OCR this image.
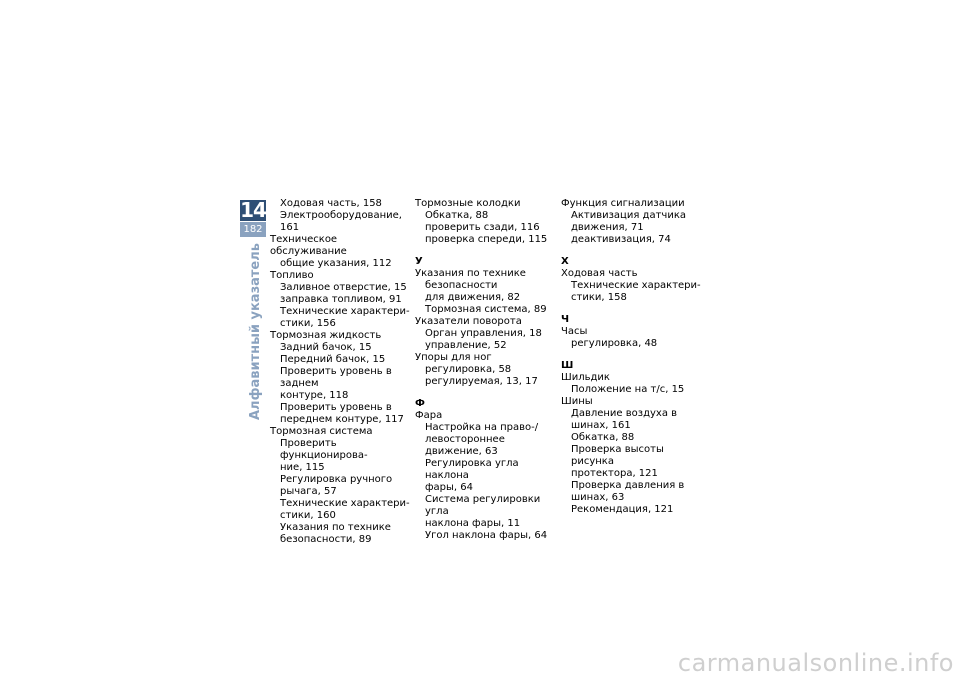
14
182
Алфавитный указатель
Ходовая часть, 158
Электрооборудование, 161
Техническое обслуживание
общие указания, 112
Топливо
Заливное отверстие, 15
заправка топливом, 91
Технические характери-
стики, 156
Тормозная жидкость
Задний бачок, 15
Передний бачок, 15
Проверить уровень в заднем
контуре, 118
Проверить уровень в
переднем контуре, 117
Тормозная система
Проверить функционирова-
ние, 115
Регулировка ручного
рычага, 57
Технические характери-
стики, 160
Указания по технике
безопасности, 89
Тормозные колодки
Обкатка, 88
проверить сзади, 116
проверка спереди, 115
У
Указания по технике
безопасности
для движения, 82
Тормозная система, 89
Указатели поворота
Орган управления, 18
управление, 52
Упоры для ног
регулировка, 58
регулируемая, 13, 17
Ф
Фара
Настройка на право-/
левостороннее движение, 63
Регулировка угла наклона
фары, 64
Система регулировки угла
наклона фары, 11
Угол наклона фары, 64
Функция сигнализации
Активизация датчика
движения, 71
деактивизация, 74
Х
Ходовая часть
Технические характери-
стики, 158
Ч
Часы
регулировка, 48
Ш
Шильдик
Положение на т/с, 15
Шины
Давление воздуха в
шинах, 161
Обкатка, 88
Проверка высоты рисунка
протектора, 121
Проверка давления в
шинах, 63
Рекомендация, 121
carmanualsonline.info
